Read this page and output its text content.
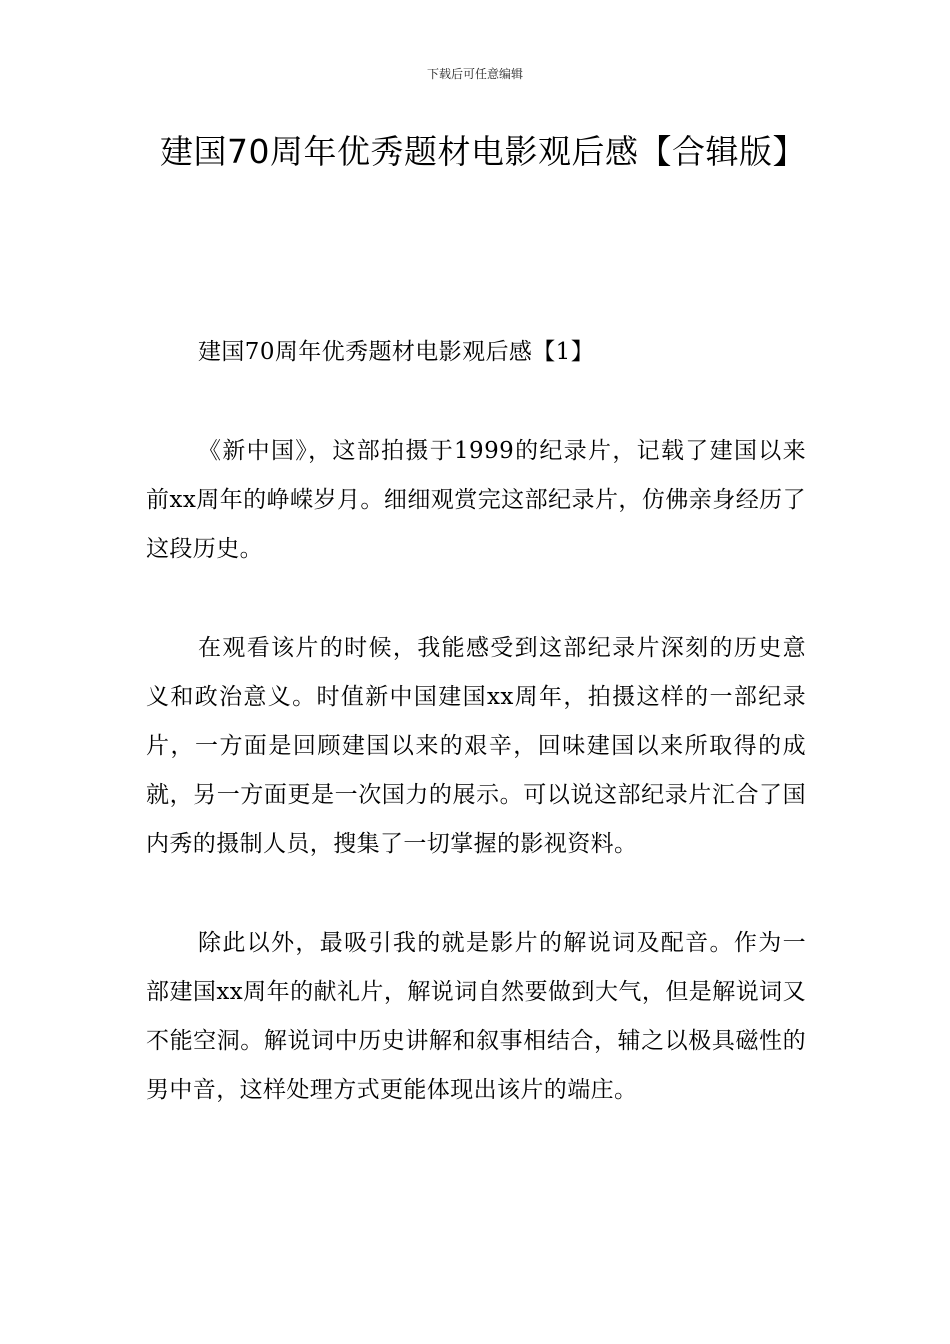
下载后可任意编辑
建国70周年优秀题材电影观后感【合辑版】

建国70周年优秀题材电影观后感【1】

《新中国》，这部拍摄于1999的纪录片，记载了建国以来前xx周年的峥嵘岁月。细细观赏完这部纪录片，仿佛亲身经历了这段历史。

在观看该片的时候，我能感受到这部纪录片深刻的历史意义和政治意义。时值新中国建国xx周年，拍摄这样的一部纪录片，一方面是回顾建国以来的艰辛，回味建国以来所取得的成就，另一方面更是一次国力的展示。可以说这部纪录片汇合了国内秀的摄制人员，搜集了一切掌握的影视资料。

除此以外，最吸引我的就是影片的解说词及配音。作为一部建国xx周年的献礼片，解说词自然要做到大气，但是解说词又不能空洞。解说词中历史讲解和叙事相结合，辅之以极具磁性的男中音，这样处理方式更能体现出该片的端庄。
